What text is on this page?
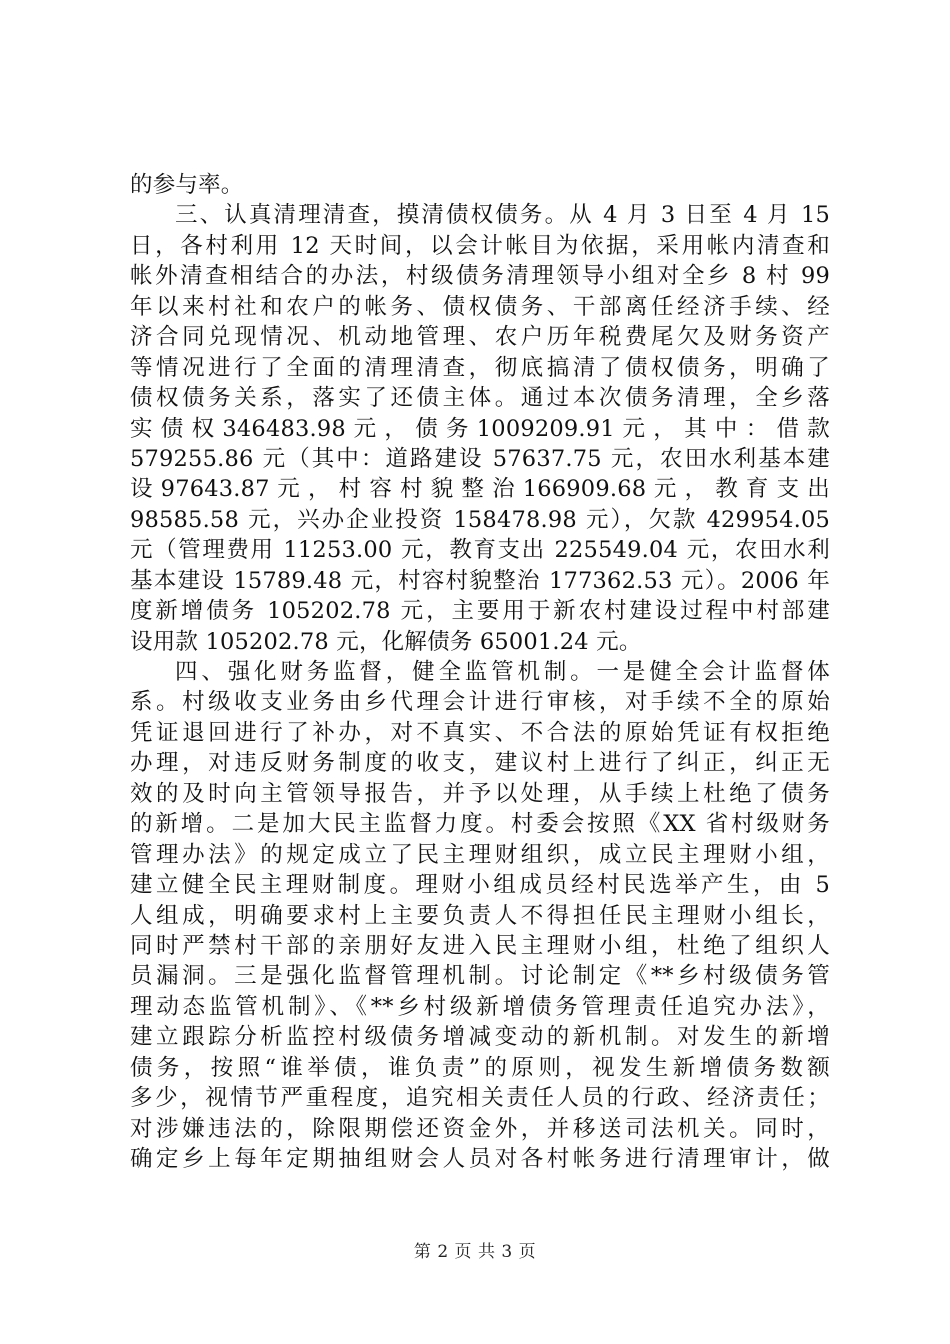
的参与率。
三、认真清理清查，摸清债权债务。从 4 月 3 日至 4 月 15
日，各村利用 12 天时间，以会计帐目为依据，采用帐内清查和
帐外清查相结合的办法，村级债务清理领导小组对全乡 8 村 99
年以来村社和农户的帐务、债权债务、干部离任经济手续、经
济合同兑现情况、机动地管理、农户历年税费尾欠及财务资产
等情况进行了全面的清理清查，彻底搞清了债权债务，明确了
债权债务关系，落实了还债主体。通过本次债务清理，全乡落
实 债 权 346483.98 元 ， 债 务 1009209.91 元 ， 其 中 ： 借 款
579255.86 元（其中：道路建设 57637.75 元，农田水利基本建
设 97643.87 元 ， 村 容 村 貌 整 治 166909.68 元 ， 教 育 支 出
98585.58 元，兴办企业投资 158478.98 元），欠款 429954.05
元（管理费用 11253.00 元，教育支出 225549.04 元，农田水利
基本建设 15789.48 元，村容村貌整治 177362.53 元）。2006 年
度新增债务 105202.78 元，主要用于新农村建设过程中村部建
设用款 105202.78 元，化解债务 65001.24 元。
四、强化财务监督，健全监管机制。一是健全会计监督体
系。村级收支业务由乡代理会计进行审核，对手续不全的原始
凭证退回进行了补办，对不真实、不合法的原始凭证有权拒绝
办理，对违反财务制度的收支，建议村上进行了纠正，纠正无
效的及时向主管领导报告，并予以处理，从手续上杜绝了债务
的新增。二是加大民主监督力度。村委会按照《XX 省村级财务
管理办法》的规定成立了民主理财组织，成立民主理财小组，
建立健全民主理财制度。理财小组成员经村民选举产生，由 5
人组成，明确要求村上主要负责人不得担任民主理财小组长，
同时严禁村干部的亲朋好友进入民主理财小组，杜绝了组织人
员漏洞。三是强化监督管理机制。讨论制定《**乡村级债务管
理动态监管机制》、《**乡村级新增债务管理责任追究办法》，
建立跟踪分析监控村级债务增减变动的新机制。对发生的新增
债务，按照“谁举债，谁负责”的原则，视发生新增债务数额
多少，视情节严重程度，追究相关责任人员的行政、经济责任；
对涉嫌违法的，除限期偿还资金外，并移送司法机关。同时，
确定乡上每年定期抽组财会人员对各村帐务进行清理审计，做
第 2 页 共 3 页
